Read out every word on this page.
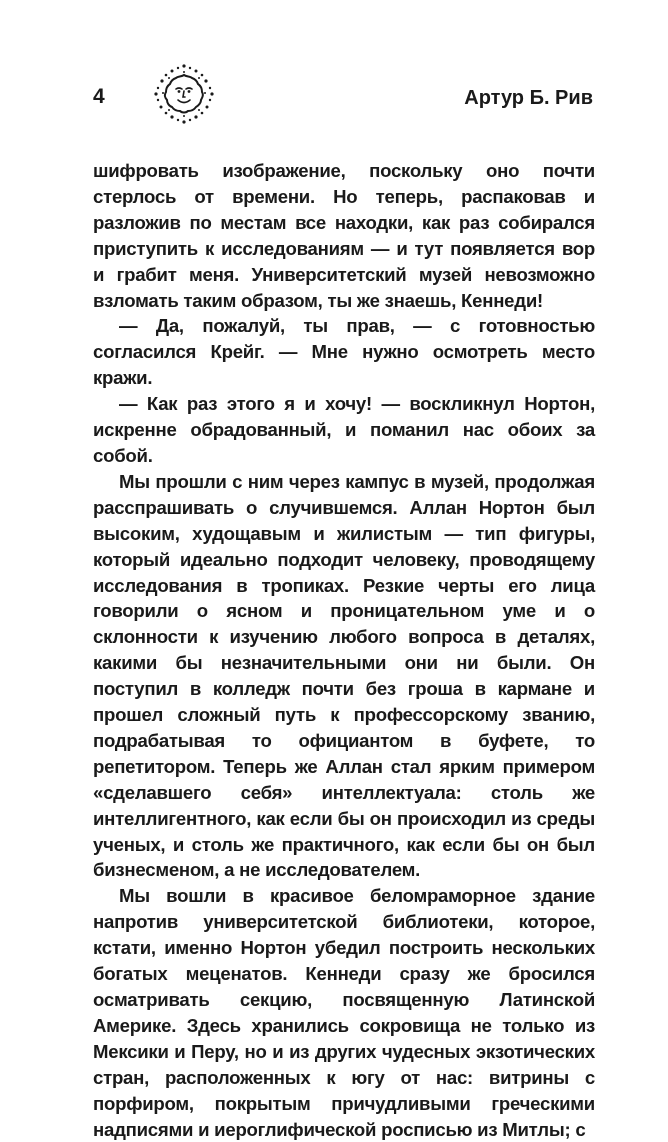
4	Артур Б. Рив

шифровать изображение, поскольку оно почти стерлось от времени. Но теперь, распаковав и разложив по местам все находки, как раз собирался приступить к исследованиям — и тут появляется вор и грабит меня. Университетский музей невозможно взломать таким образом, ты же знаешь, Кеннеди!

— Да, пожалуй, ты прав, — с готовностью согласился Крейг. — Мне нужно осмотреть место кражи.

— Как раз этого я и хочу! — воскликнул Нортон, искренне обрадованный, и поманил нас обоих за собой.

Мы прошли с ним через кампус в музей, продолжая расспрашивать о случившемся. Аллан Нортон был высоким, худощавым и жилистым — тип фигуры, который идеально подходит человеку, проводящему исследования в тропиках. Резкие черты его лица говорили о ясном и проницательном уме и о склонности к изучению любого вопроса в деталях, какими бы незначительными они ни были. Он поступил в колледж почти без гроша в кармане и прошел сложный путь к профессорскому званию, подрабатывая то официантом в буфете, то репетитором. Теперь же Аллан стал ярким примером «сделавшего себя» интеллектуала: столь же интеллигентного, как если бы он происходил из среды ученых, и столь же практичного, как если бы он был бизнесменом, а не исследователем.

Мы вошли в красивое беломраморное здание напротив университетской библиотеки, которое, кстати, именно Нортон убедил построить нескольких богатых меценатов. Кеннеди сразу же бросился осматривать секцию, посвященную Латинской Америке. Здесь хранились сокровища не только из Мексики и Перу, но и из других чудесных экзотических стран, расположенных к югу от нас: витрины с порфиром, покрытым причудливыми греческими надписями и иероглифической росписью из Митлы; с
